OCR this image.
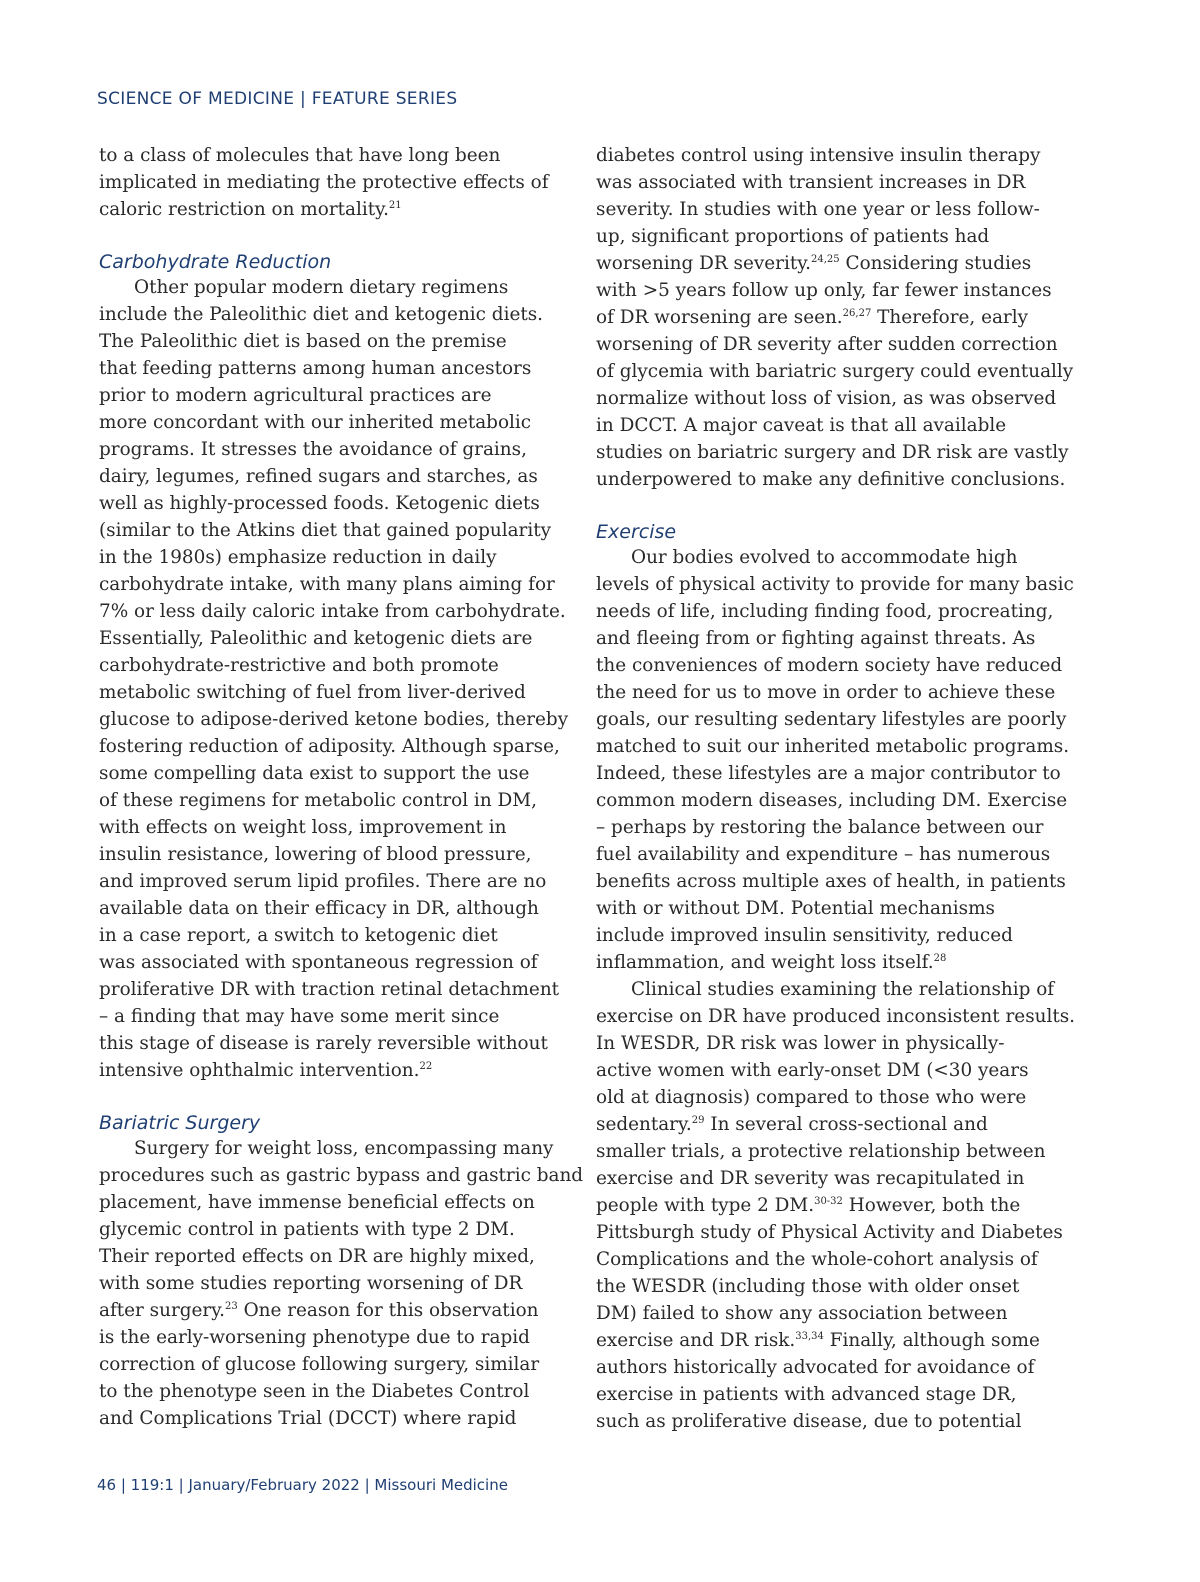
SCIENCE OF MEDICINE | FEATURE SERIES
to a class of molecules that have long been
implicated in mediating the protective effects of
caloric restriction on mortality.$^{21}$
Carbohydrate Reduction
Other popular modern dietary regimens
include the Paleolithic diet and ketogenic diets.
The Paleolithic diet is based on the premise
that feeding patterns among human ancestors
prior to modern agricultural practices are
more concordant with our inherited metabolic
programs. It stresses the avoidance of grains,
dairy, legumes, refined sugars and starches, as
well as highly-processed foods. Ketogenic diets
(similar to the Atkins diet that gained popularity
in the 1980s) emphasize reduction in daily
carbohydrate intake, with many plans aiming for
7% or less daily caloric intake from carbohydrate.
Essentially, Paleolithic and ketogenic diets are
carbohydrate-restrictive and both promote
metabolic switching of fuel from liver-derived
glucose to adipose-derived ketone bodies, thereby
fostering reduction of adiposity. Although sparse,
some compelling data exist to support the use
of these regimens for metabolic control in DM,
with effects on weight loss, improvement in
insulin resistance, lowering of blood pressure,
and improved serum lipid profiles. There are no
available data on their efficacy in DR, although
in a case report, a switch to ketogenic diet
was associated with spontaneous regression of
proliferative DR with traction retinal detachment
– a finding that may have some merit since
this stage of disease is rarely reversible without
intensive ophthalmic intervention.$^{22}$
Bariatric Surgery
Surgery for weight loss, encompassing many
procedures such as gastric bypass and gastric band
placement, have immense beneficial effects on
glycemic control in patients with type 2 DM.
Their reported effects on DR are highly mixed,
with some studies reporting worsening of DR
after surgery.$^{23}$ One reason for this observation
is the early-worsening phenotype due to rapid
correction of glucose following surgery, similar
to the phenotype seen in the Diabetes Control
and Complications Trial (DCCT) where rapid
diabetes control using intensive insulin therapy
was associated with transient increases in DR
severity. In studies with one year or less follow-
up, significant proportions of patients had
worsening DR severity.$^{24,25}$ Considering studies
with >5 years follow up only, far fewer instances
of DR worsening are seen.$^{26,27}$ Therefore, early
worsening of DR severity after sudden correction
of glycemia with bariatric surgery could eventually
normalize without loss of vision, as was observed
in DCCT. A major caveat is that all available
studies on bariatric surgery and DR risk are vastly
underpowered to make any definitive conclusions.
Exercise
Our bodies evolved to accommodate high
levels of physical activity to provide for many basic
needs of life, including finding food, procreating,
and fleeing from or fighting against threats. As
the conveniences of modern society have reduced
the need for us to move in order to achieve these
goals, our resulting sedentary lifestyles are poorly
matched to suit our inherited metabolic programs.
Indeed, these lifestyles are a major contributor to
common modern diseases, including DM. Exercise
– perhaps by restoring the balance between our
fuel availability and expenditure – has numerous
benefits across multiple axes of health, in patients
with or without DM. Potential mechanisms
include improved insulin sensitivity, reduced
inflammation, and weight loss itself.$^{28}$
Clinical studies examining the relationship of
exercise on DR have produced inconsistent results.
In WESDR, DR risk was lower in physically-
active women with early-onset DM (<30 years
old at diagnosis) compared to those who were
sedentary.$^{29}$ In several cross-sectional and
smaller trials, a protective relationship between
exercise and DR severity was recapitulated in
people with type 2 DM.$^{30-32}$ However, both the
Pittsburgh study of Physical Activity and Diabetes
Complications and the whole-cohort analysis of
the WESDR (including those with older onset
DM) failed to show any association between
exercise and DR risk.$^{33,34}$ Finally, although some
authors historically advocated for avoidance of
exercise in patients with advanced stage DR,
such as proliferative disease, due to potential
46 | 119:1 | January/February 2022 | Missouri Medicine
